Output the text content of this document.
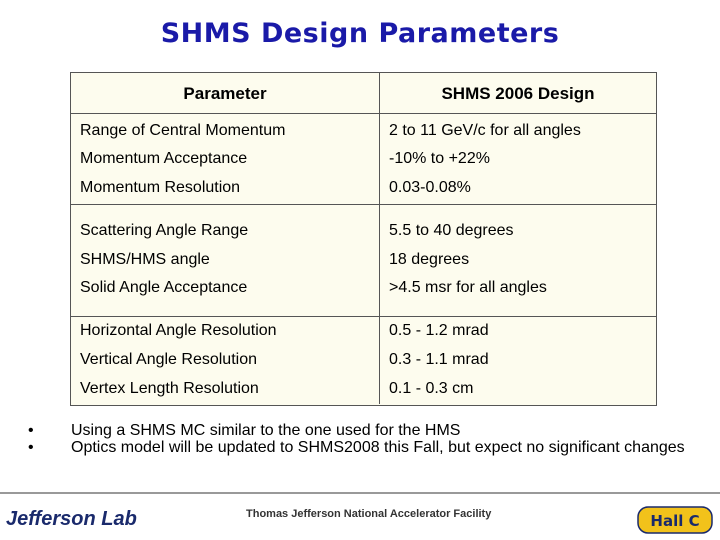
SHMS Design Parameters
Parameter	SHMS 2006 Design
Range of Central Momentum	2 to 11 GeV/c for all angles
Momentum Acceptance	-10% to +22%
Momentum Resolution	0.03-0.08%
Scattering Angle Range	5.5 to 40 degrees
SHMS/HMS angle	18 degrees
Solid Angle Acceptance	>4.5 msr for all angles
Horizontal Angle Resolution	0.5 - 1.2 mrad
Vertical Angle Resolution	0.3 - 1.1 mrad
Vertex Length Resolution	0.1 - 0.3 cm
• Using a SHMS MC similar to the one used for the HMS
• Optics model will be updated to SHMS2008 this Fall, but expect no significant changes
Jefferson Lab	Thomas Jefferson National Accelerator Facility	Hall C
